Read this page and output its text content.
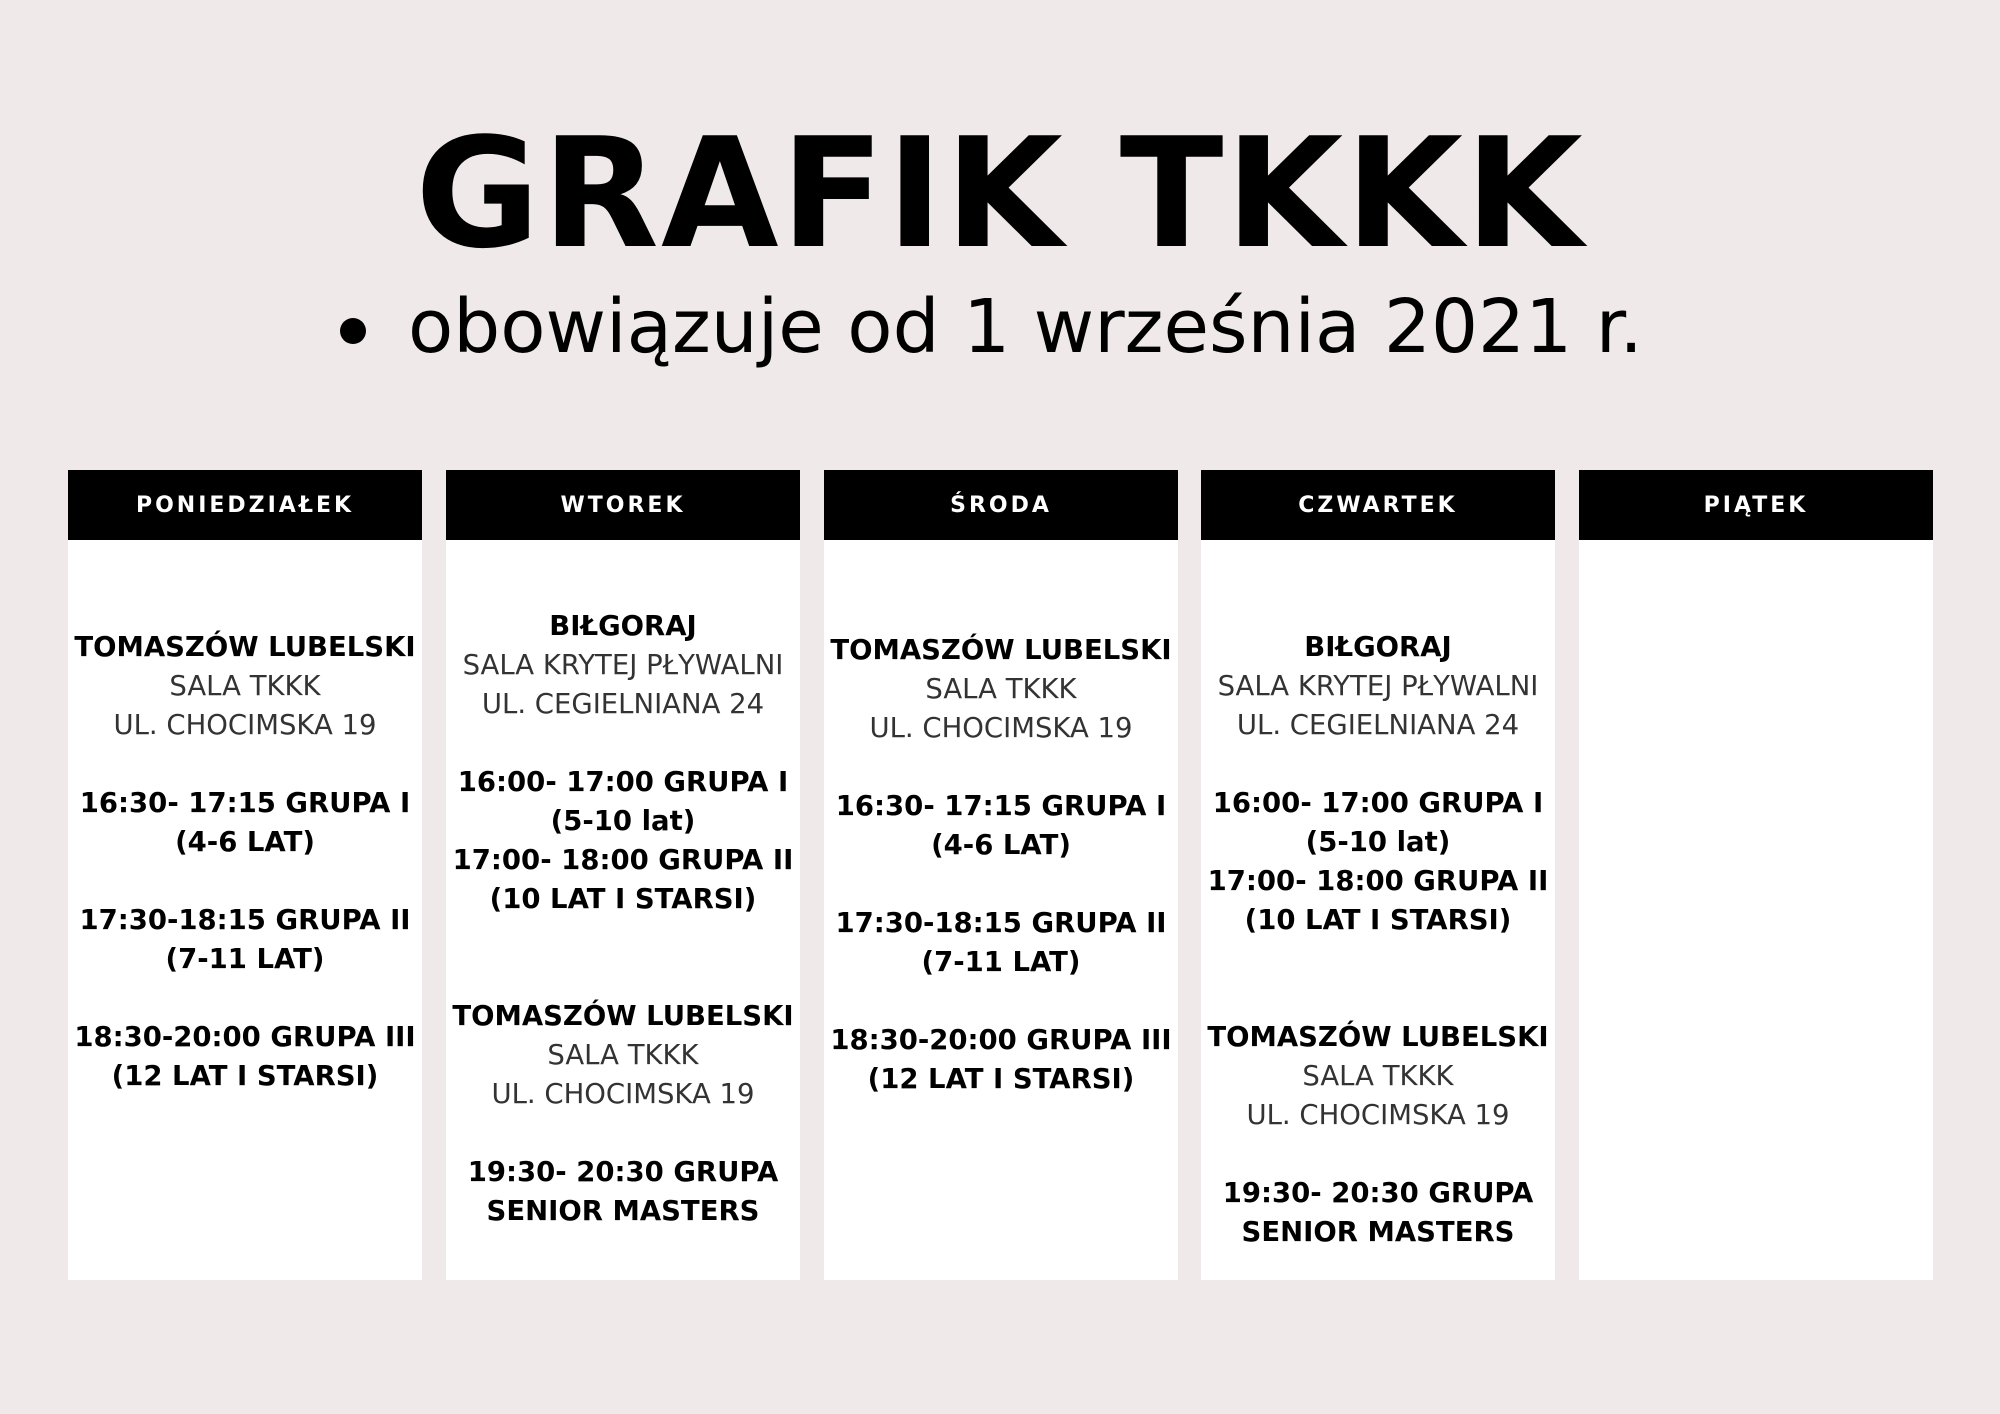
GRAFIK TKKK
obowiązuje od 1 września 2021 r.
PONIEDZIAŁEK
TOMASZÓW LUBELSKI
SALA TKKK
UL. CHOCIMSKA 19
16:30- 17:15 GRUPA I
(4-6 LAT)
17:30-18:15 GRUPA II
(7-11 LAT)
18:30-20:00 GRUPA III
(12 LAT I STARSI)
WTOREK
BIŁGORAJ
SALA KRYTEJ PŁYWALNI
UL. CEGIELNIANA 24
16:00- 17:00 GRUPA I
(5-10 lat)
17:00- 18:00 GRUPA II
(10 LAT I STARSI)
TOMASZÓW LUBELSKI
SALA TKKK
UL. CHOCIMSKA 19
19:30- 20:30 GRUPA
SENIOR MASTERS
ŚRODA
TOMASZÓW LUBELSKI
SALA TKKK
UL. CHOCIMSKA 19
16:30- 17:15 GRUPA I
(4-6 LAT)
17:30-18:15 GRUPA II
(7-11 LAT)
18:30-20:00 GRUPA III
(12 LAT I STARSI)
CZWARTEK
BIŁGORAJ
SALA KRYTEJ PŁYWALNI
UL. CEGIELNIANA 24
16:00- 17:00 GRUPA I
(5-10 lat)
17:00- 18:00 GRUPA II
(10 LAT I STARSI)
TOMASZÓW LUBELSKI
SALA TKKK
UL. CHOCIMSKA 19
19:30- 20:30 GRUPA
SENIOR MASTERS
PIĄTEK
